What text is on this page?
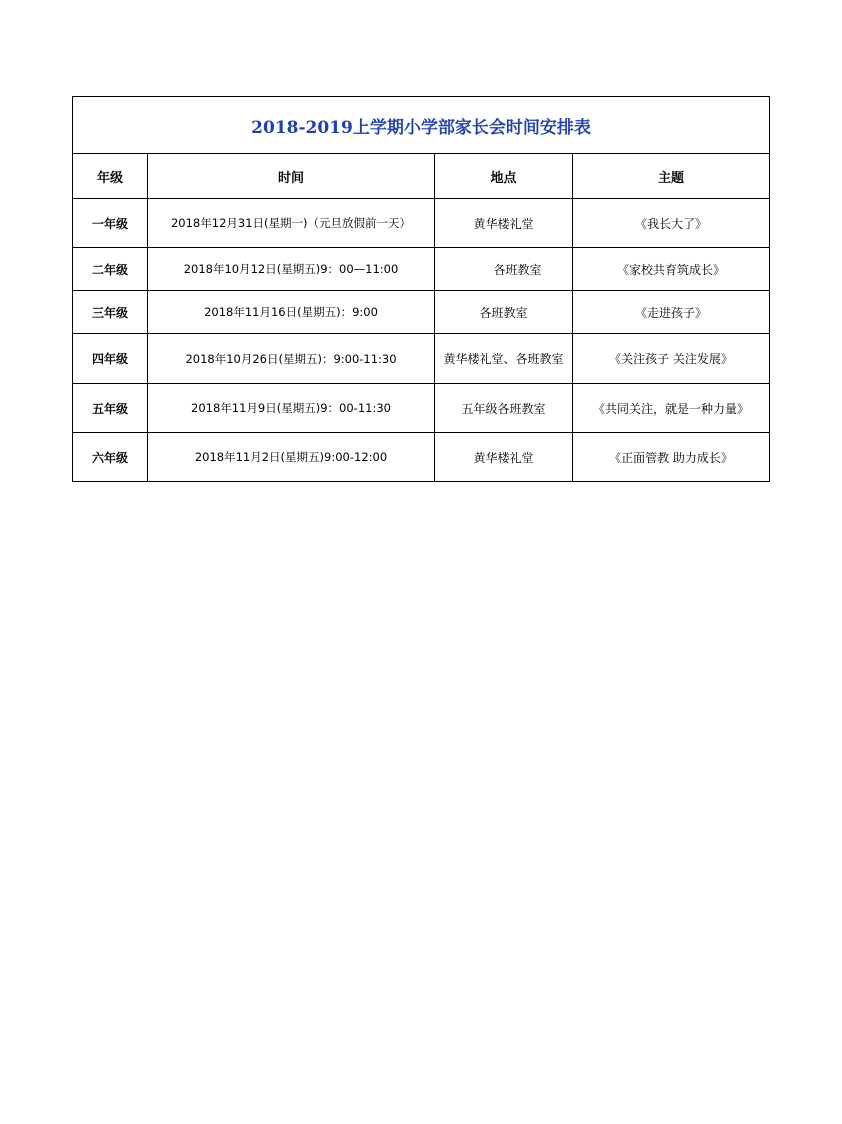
2018-2019上学期小学部家长会时间安排表			
年级	时间	地点	主题
一年级	2018年12月31日(星期一)（元旦放假前一天）	黄华楼礼堂	《我长大了》
二年级	2018年10月12日(星期五)9：00—11:00	各班教室	《家校共育筑成长》
三年级	2018年11月16日(星期五)：9:00	各班教室	《走进孩子》
四年级	2018年10月26日(星期五)：9:00-11:30	黄华楼礼堂、各班教室	《关注孩子 关注发展》
五年级	2018年11月9日(星期五)9：00-11:30	五年级各班教室	《共同关注，就是一种力量》
六年级	2018年11月2日(星期五)9:00-12:00	黄华楼礼堂	《正面管教 助力成长》
